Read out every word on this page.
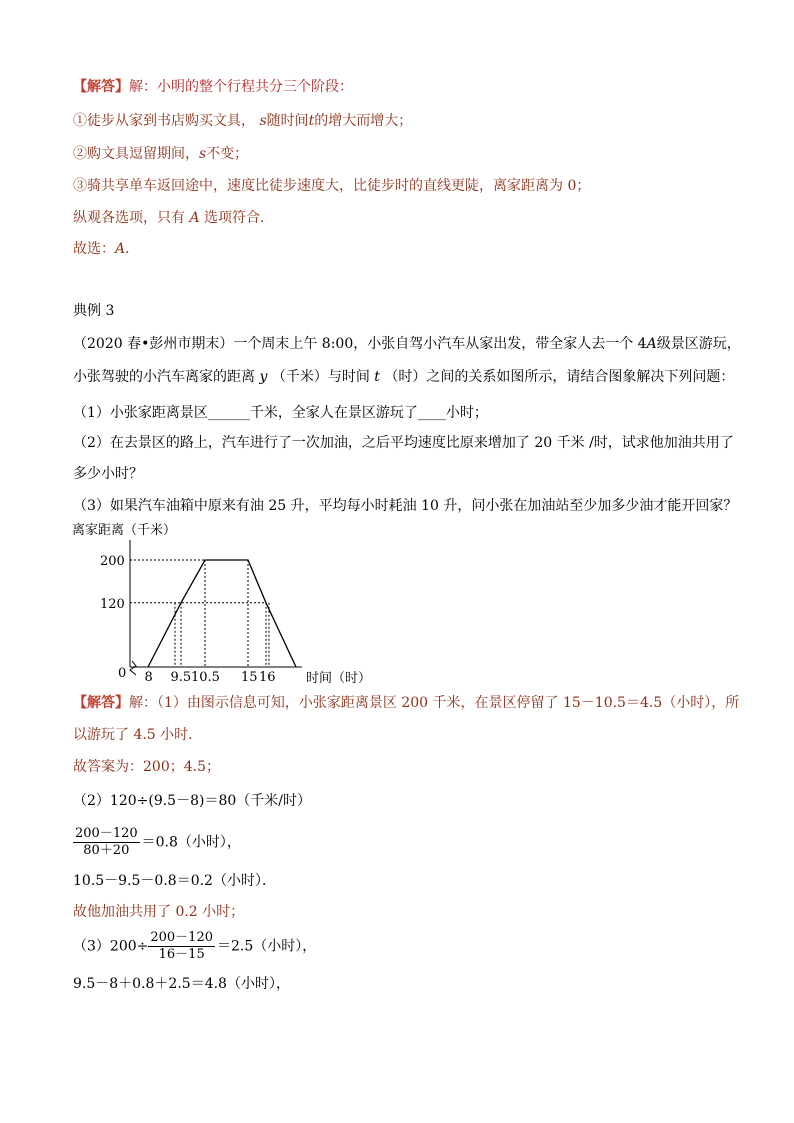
【解答】解：小明的整个行程共分三个阶段：
①徒步从家到书店购买文具， s随时间t的增大而增大；
②购文具逗留期间，s不变；
③骑共享单车返回途中，速度比徒步速度大，比徒步时的直线更陡，离家距离为 0；
纵观各选项，只有 A 选项符合．
故选：A．
典例 3
（2020 春•彭州市期末）一个周末上午 8:00，小张自驾小汽车从家出发，带全家人去一个 4A级景区游玩，
小张驾驶的小汽车离家的距离 y （千米）与时间 t （时）之间的关系如图所示，请结合图象解决下列问题：
（1）小张家距离景区______千米，全家人在景区游玩了____小时；
（2）在去景区的路上，汽车进行了一次加油，之后平均速度比原来增加了 20 千米 /时，试求他加油共用了
多少小时？
（3）如果汽车油箱中原来有油 25 升，平均每小时耗油 10 升，问小张在加油站至少加多少油才能开回家？
离家距离（千米）
0
120
200
8 9.5 10.5 15 16 时间（时）
【解答】解：（1）由图示信息可知，小张家距离景区 200 千米，在景区停留了 15－10.5＝4.5（小时），所
以游玩了 4.5 小时．
故答案为：200；4.5；
（2）120÷(9.5－8)＝80（千米/时）
$\frac{200-120}{80+20} =0.8$（小时），
10.5－9.5－0.8＝0.2（小时）．
故他加油共用了 0.2 小时；
$(3)200\div \frac{200-120}{16-15} =2.5$（小时），
9.5－8＋0.8＋2.5＝4.8（小时），
